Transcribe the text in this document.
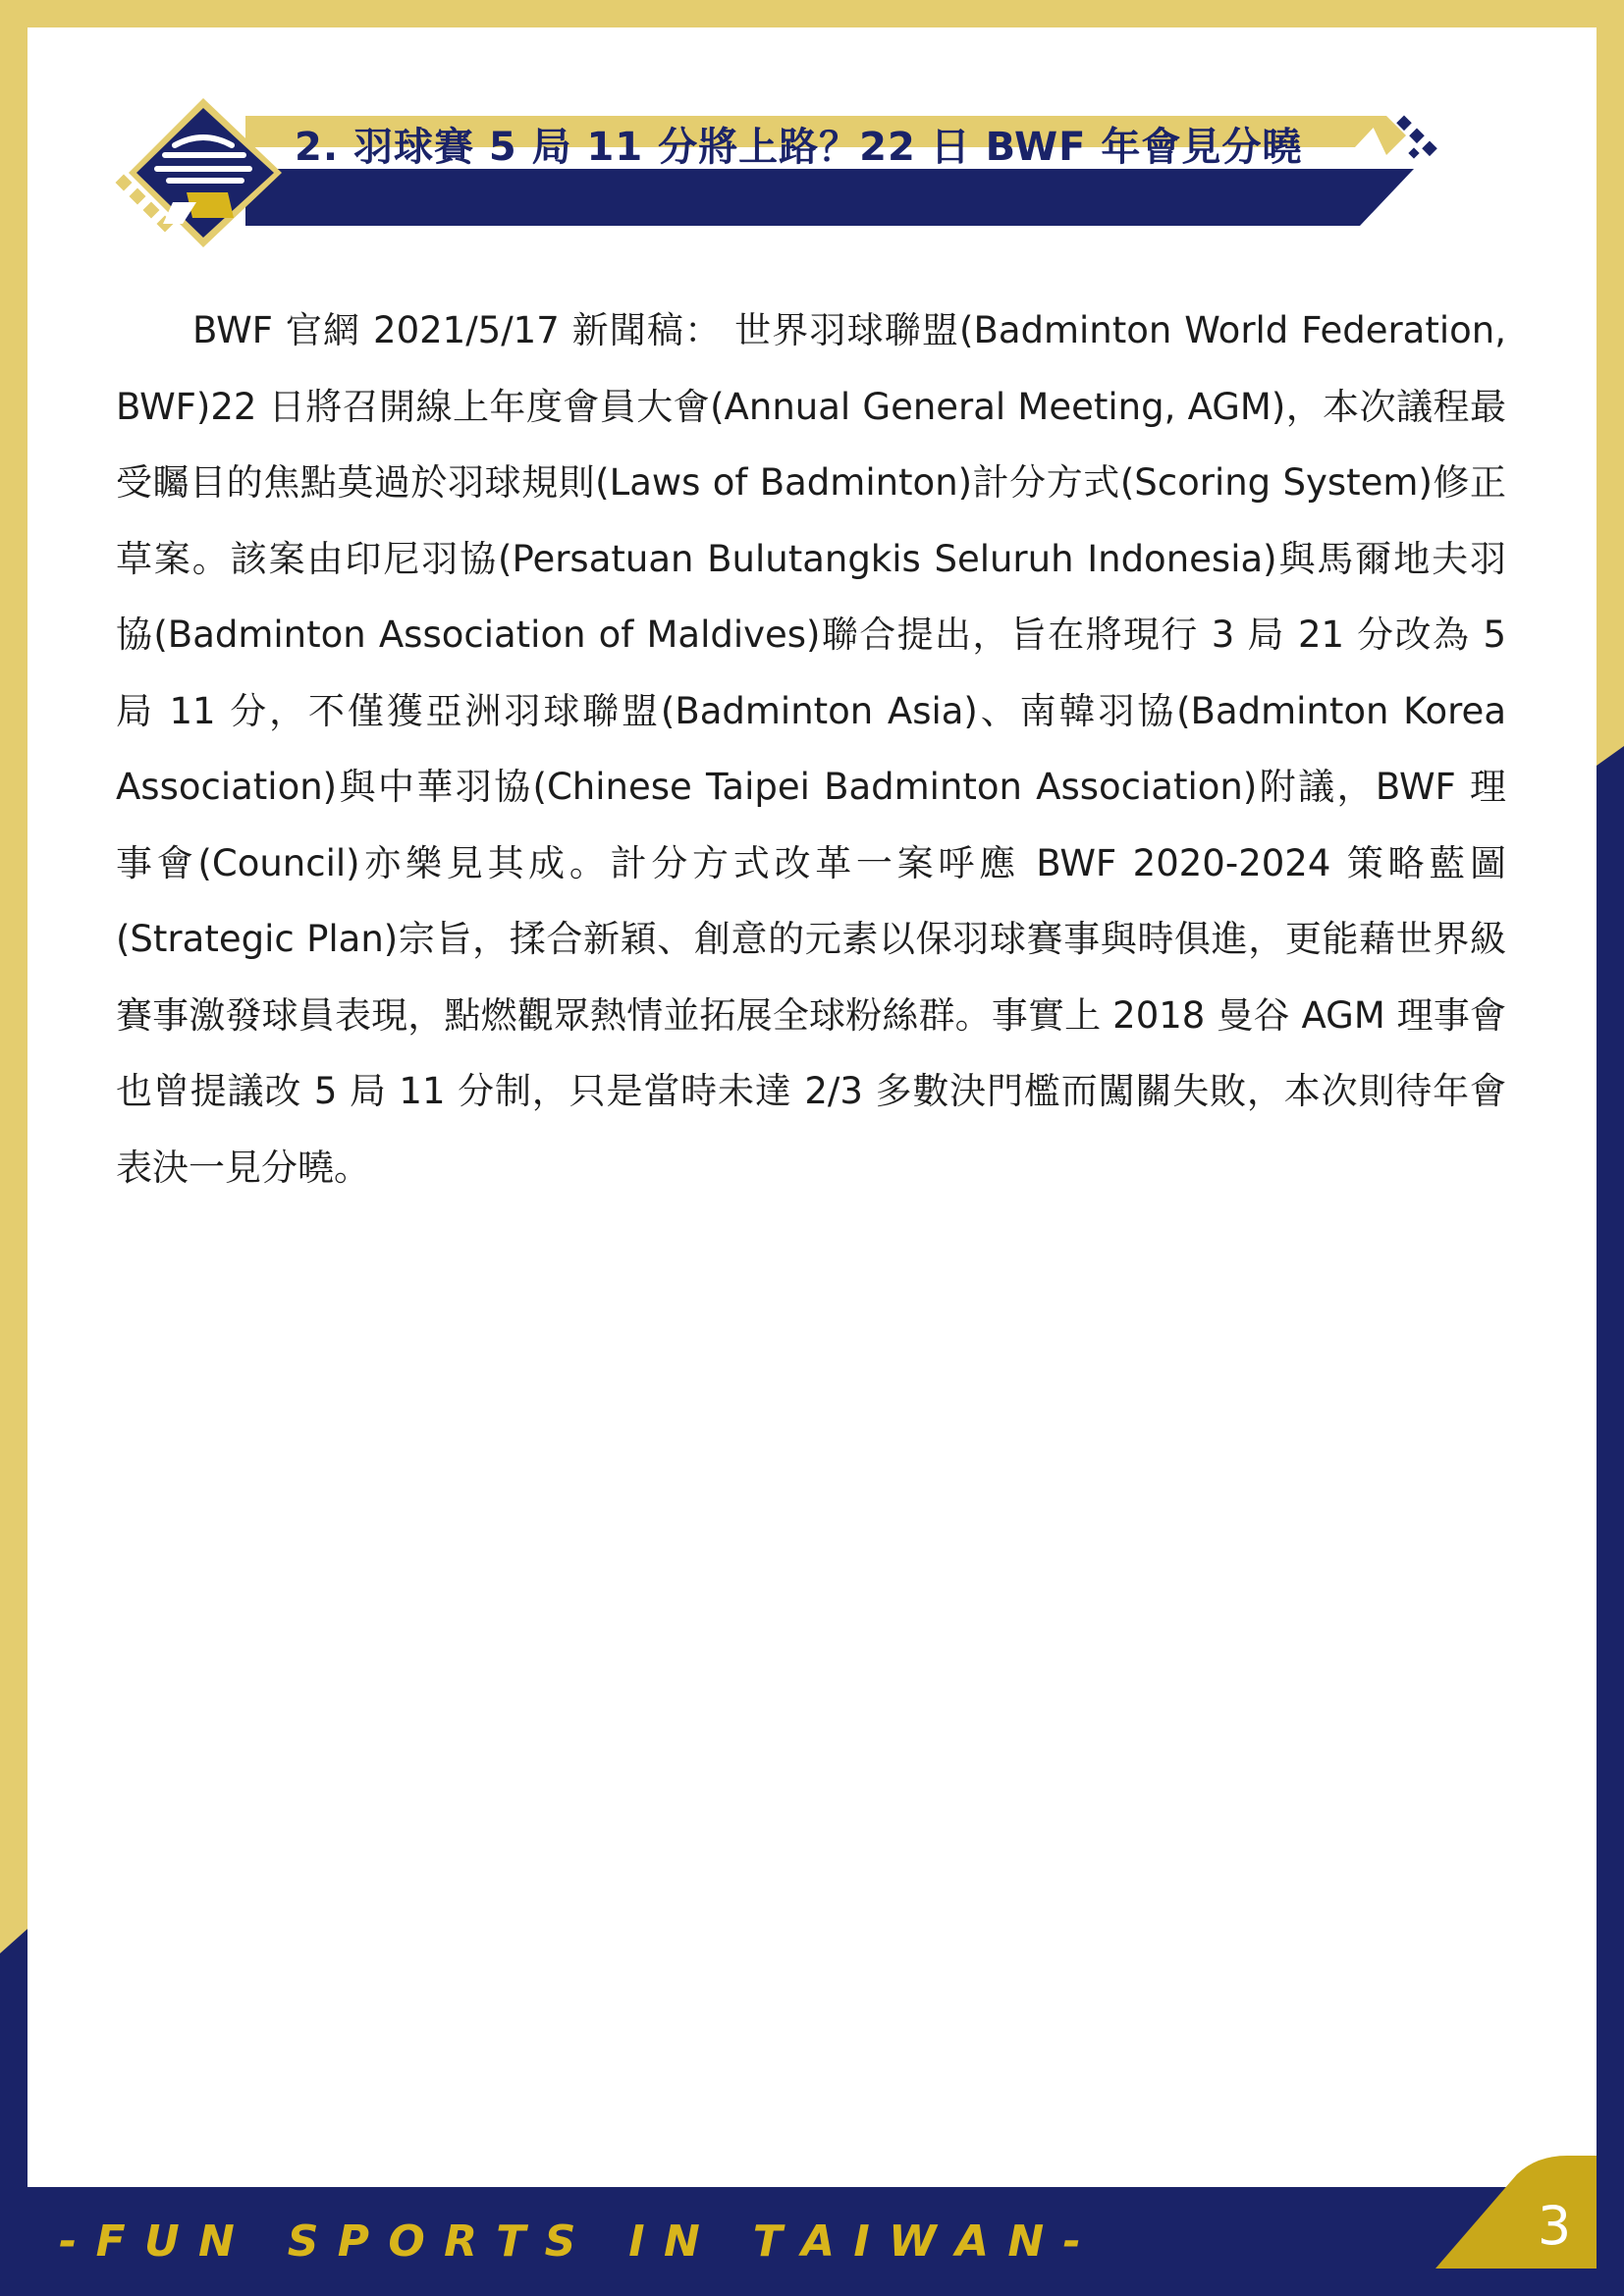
2. 羽球賽 5 局 11 分將上路？22 日 BWF 年會見分曉

BWF 官網 2021/5/17 新聞稿： 世界羽球聯盟(Badminton World Federation, BWF)22 日將召開線上年度會員大會(Annual General Meeting, AGM)，本次議程最受矚目的焦點莫過於羽球規則(Laws of Badminton)計分方式(Scoring System)修正草案。該案由印尼羽協(Persatuan Bulutangkis Seluruh Indonesia)與馬爾地夫羽協(Badminton Association of Maldives)聯合提出，旨在將現行 3 局 21 分改為 5 局 11 分，不僅獲亞洲羽球聯盟(Badminton Asia)、南韓羽協(Badminton Korea Association)與中華羽協(Chinese Taipei Badminton Association)附議，BWF 理事會(Council)亦樂見其成。計分方式改革一案呼應 BWF 2020-2024 策略藍圖(Strategic Plan)宗旨，揉合新穎、創意的元素以保羽球賽事與時俱進，更能藉世界級賽事激發球員表現，點燃觀眾熱情並拓展全球粉絲群。事實上 2018 曼谷 AGM 理事會也曾提議改 5 局 11 分制，只是當時未達 2/3 多數決門檻而闖關失敗，本次則待年會表決一見分曉。

- F U N   S P O R T S   I N   T A I W A N -	3
